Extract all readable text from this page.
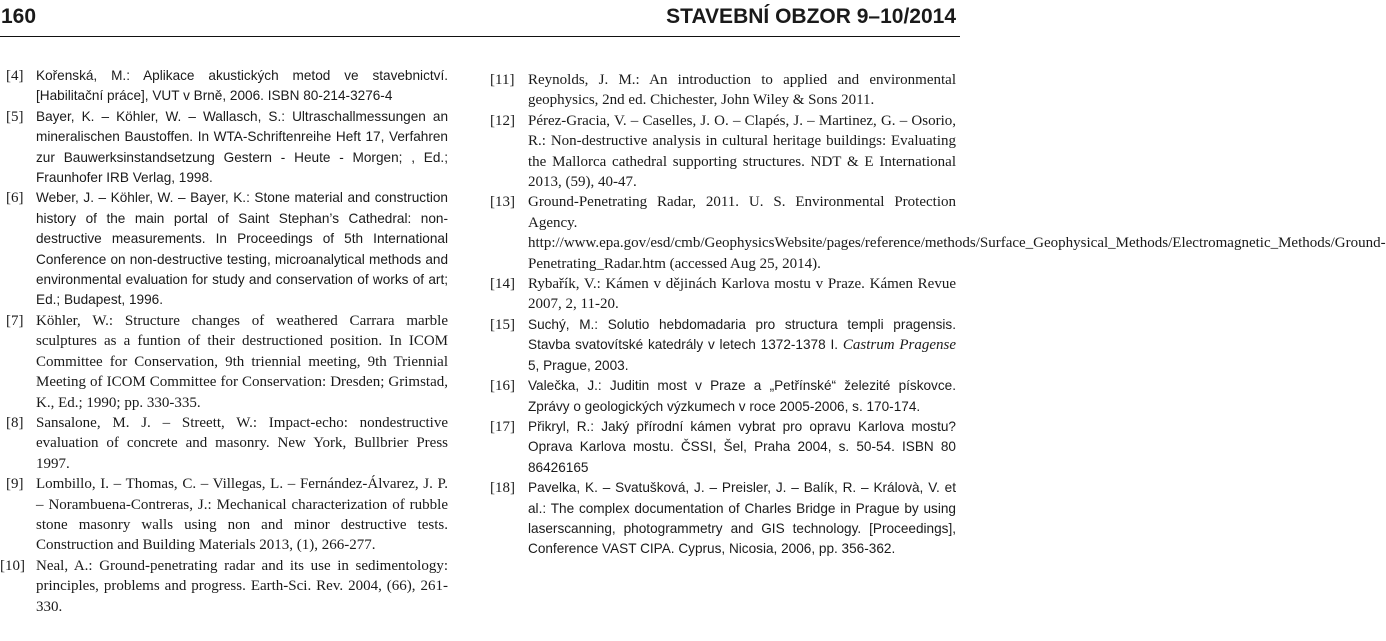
160	STAVEBNÍ OBZOR 9–10/2014
[4] Kořenská, M.: Aplikace akustických metod ve stavebnictví. [Habilitační práce], VUT v Brně, 2006. ISBN 80-214-3276-4
[5] Bayer, K. – Köhler, W. – Wallasch, S.: Ultraschallmessungen an mineralischen Baustoffen. In WTA-Schriftenreihe Heft 17, Verfahren zur Bauwerksinstandsetzung Gestern - Heute - Morgen; , Ed.; Fraunhofer IRB Verlag, 1998.
[6] Weber, J. – Köhler, W. – Bayer, K.: Stone material and construction history of the main portal of Saint Stephan’s Cathedral: non-destructive measurements. In Proceedings of 5th International Conference on non-destructive testing, microanalytical methods and environmental evaluation for study and conservation of works of art; Ed.; Budapest, 1996.
[7] Köhler, W.: Structure changes of weathered Carrara marble sculptures as a funtion of their destructioned position. In ICOM Committee for Conservation, 9th triennial meeting, 9th Triennial Meeting of ICOM Committee for Conservation: Dresden; Grimstad, K., Ed.; 1990; pp. 330-335.
[8] Sansalone, M. J. – Streett, W.: Impact-echo: nondestructive evaluation of concrete and masonry. New York, Bullbrier Press 1997.
[9] Lombillo, I. – Thomas, C. – Villegas, L. – Fernández-Álvarez, J. P. – Norambuena-Contreras, J.: Mechanical characterization of rubble stone masonry walls using non and minor destructive tests. Construction and Building Materials 2013, (1), 266-277.
[10] Neal, A.: Ground-penetrating radar and its use in sedimentology: principles, problems and progress. Earth-Sci. Rev. 2004, (66), 261-330.
[11] Reynolds, J. M.: An introduction to applied and environmental geophysics, 2nd ed. Chichester, John Wiley & Sons 2011.
[12] Pérez-Gracia, V. – Caselles, J. O. – Clapés, J. – Martinez, G. – Osorio, R.: Non-destructive analysis in cultural heritage buildings: Evaluating the Mallorca cathedral supporting structures. NDT & E International 2013, (59), 40-47.
[13] Ground-Penetrating Radar, 2011. U. S. Environmental Protection Agency. http://www.epa.gov/esd/cmb/GeophysicsWebsite/pages/reference/methods/Surface_Geophysical_Methods/Electromagnetic_Methods/Ground-Penetrating_Radar.htm (accessed Aug 25, 2014).
[14] Rybařík, V.: Kámen v dějinách Karlova mostu v Praze. Kámen Revue 2007, 2, 11-20.
[15] Suchý, M.: Solutio hebdomadaria pro structura templi pragensis. Stavba svatovítské katedrály v letech 1372-1378 I. Castrum Pragense 5, Prague, 2003.
[16] Valečka, J.: Juditin most v Praze a „Petřínské“ železité pískovce. Zprávy o geologických výzkumech v roce 2005-2006, s. 170-174.
[17] Přikryl, R.: Jaký přírodní kámen vybrat pro opravu Karlova mostu? Oprava Karlova mostu. ČSSI, Šel, Praha 2004, s. 50-54. ISBN 80 86426165
[18] Pavelka, K. – Svatušková, J. – Preisler, J. – Balík, R. – Královà, V. et al.: The complex documentation of Charles Bridge in Prague by using laserscanning, photogrammetry and GIS technology. [Proceedings], Conference VAST CIPA. Cyprus, Nicosia, 2006, pp. 356-362.
